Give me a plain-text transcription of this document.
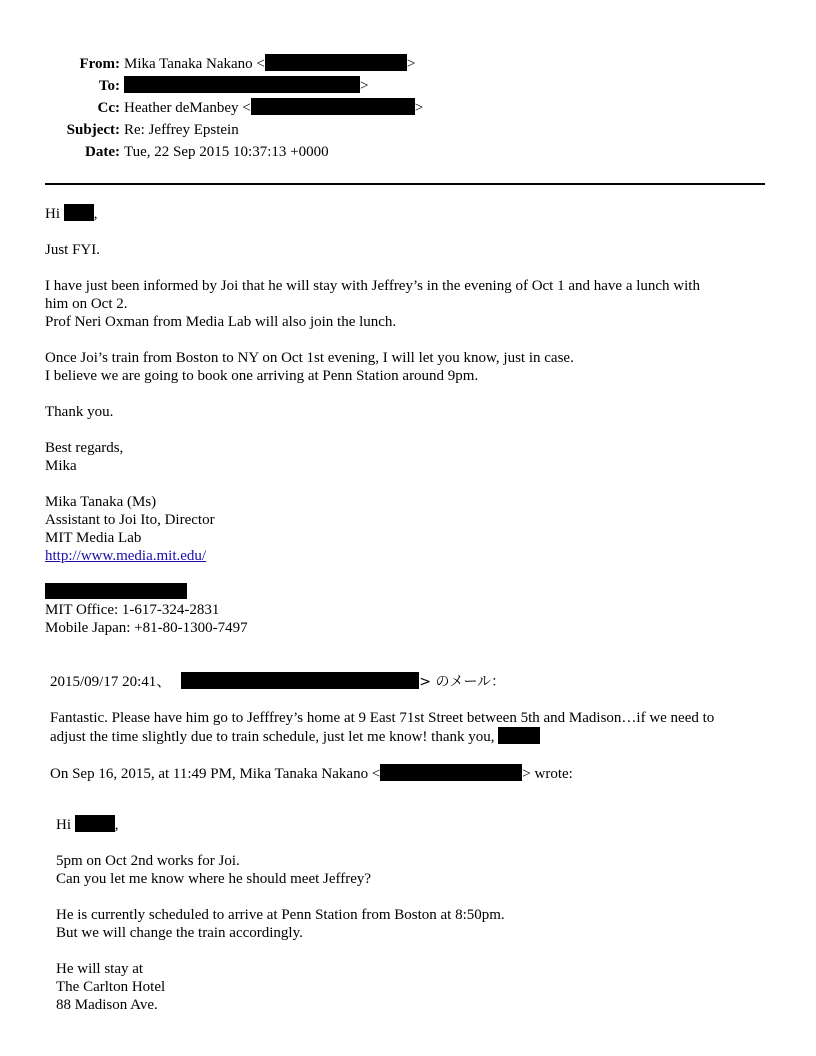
From: Mika Tanaka Nakano <	>
To:	>
Cc: Heather deManbey <	>
Subject: Re: Jeffrey Epstein
Date: Tue, 22 Sep 2015 10:37:13 +0000

Hi ,

Just FYI.

I have just been informed by Joi that he will stay with Jeffrey’s in the evening of Oct 1 and have a lunch with

him on Oct 2.

Prof Neri Oxman from Media Lab will also join the lunch.

Once Joi’s train from Boston to NY on Oct 1st evening, I will let you know, just in case.

I believe we are going to book one arriving at Penn Station around 9pm.

Thank you.

Best regards,

Mika

Mika Tanaka (Ms)

Assistant to Joi Ito, Director

MIT Media Lab

http://www.media.mit.edu/

MIT Office: 1-617-324-2831

Mobile Japan: +81-80-1300-7497

2015/09/17 20:41、	> のメール：

Fantastic. Please have him go to Jefffrey’s home at 9 East 71st Street between 5th and Madison…if we need to

adjust the time slightly due to train schedule, just let me know! thank you,

On Sep 16, 2015, at 11:49 PM, Mika Tanaka Nakano <	> wrote:

Hi	,

5pm on Oct 2nd works for Joi.

Can you let me know where he should meet Jeffrey?

He is currently scheduled to arrive at Penn Station from Boston at 8:50pm.

But we will change the train accordingly.

He will stay at

The Carlton Hotel

88 Madison Ave.
